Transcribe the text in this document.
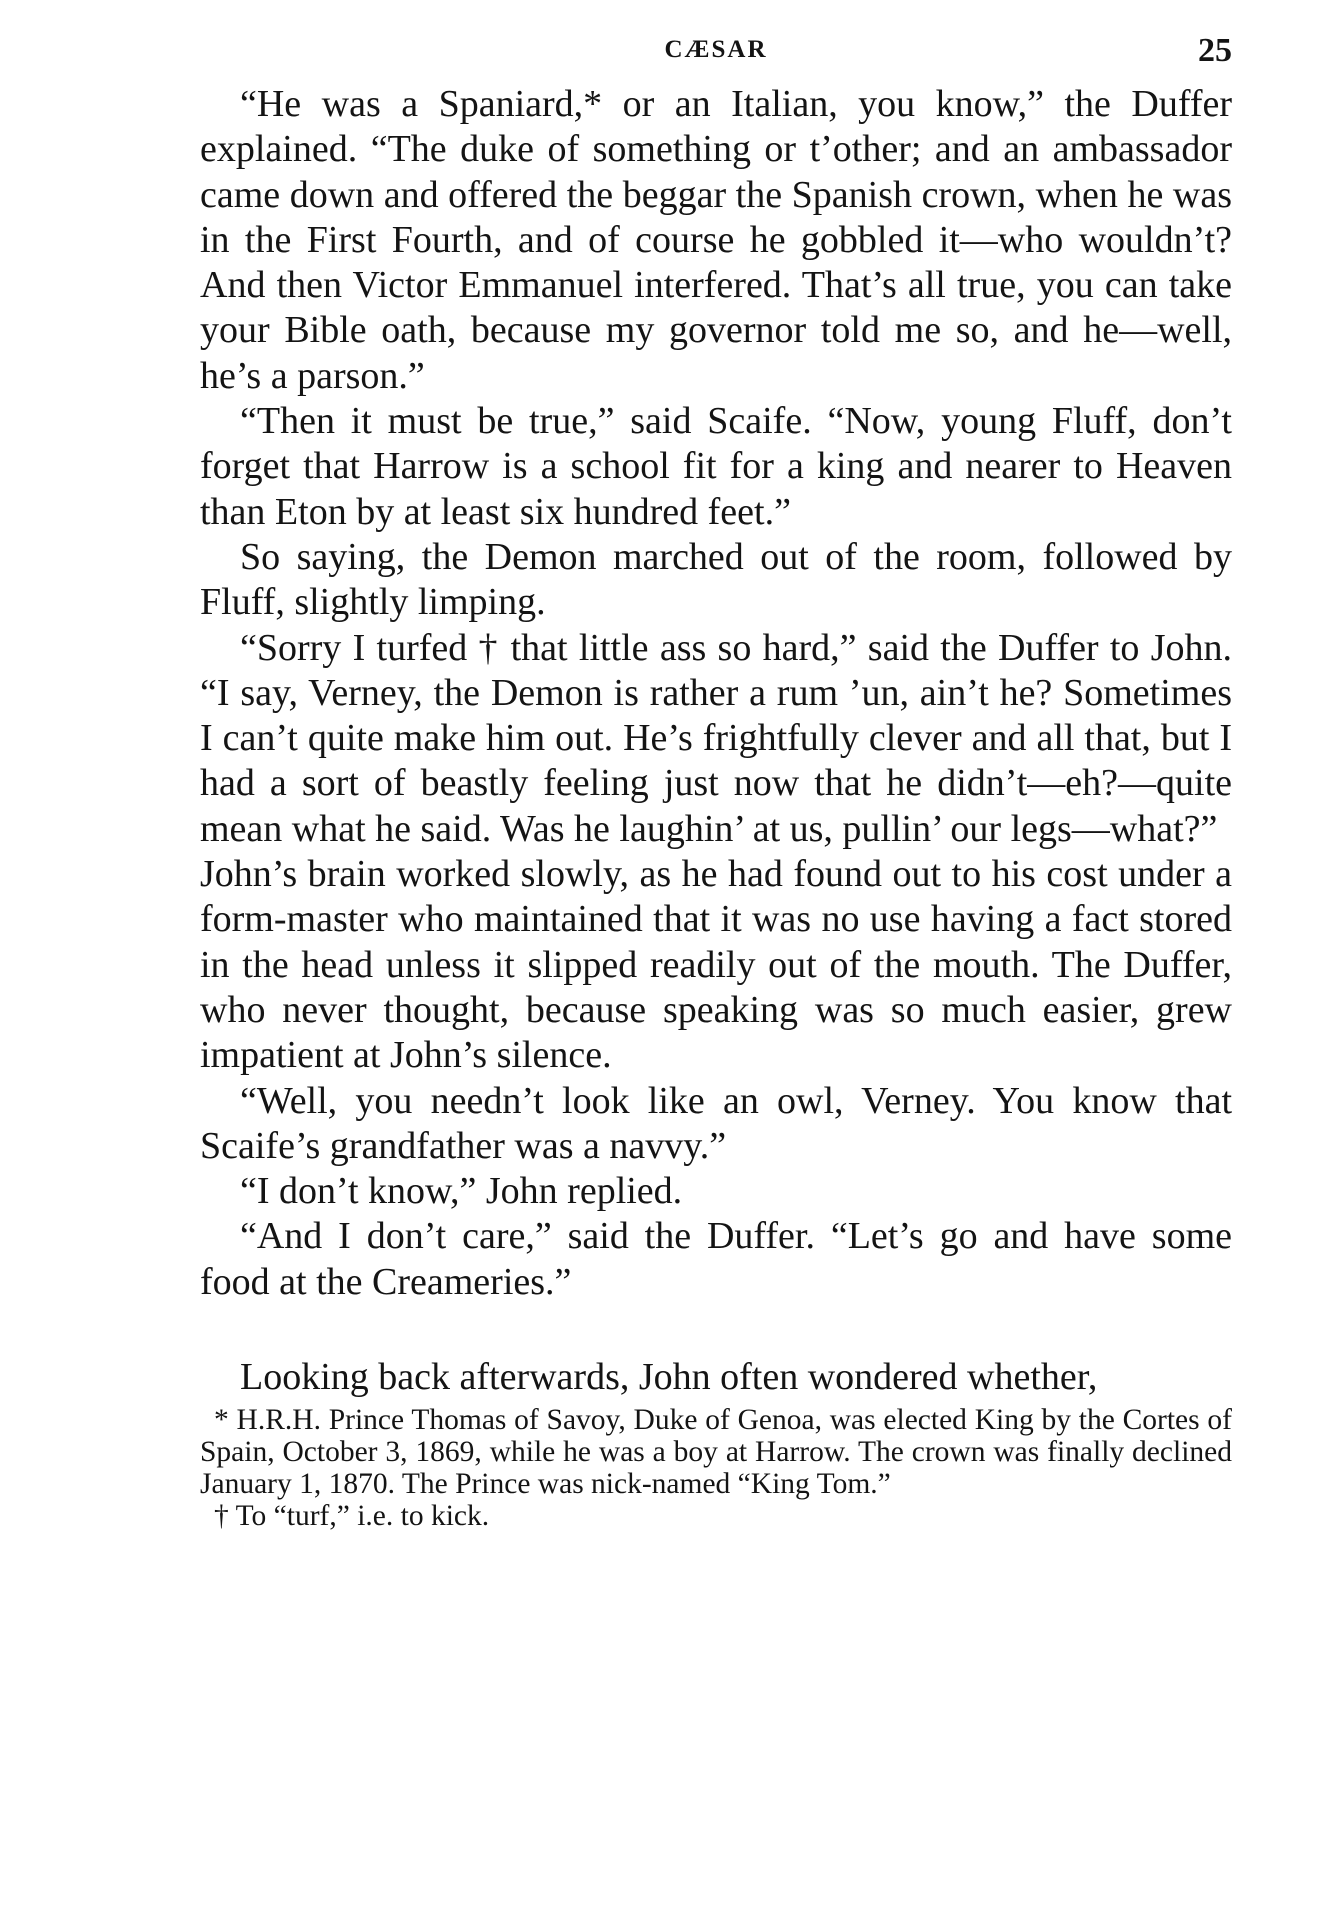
CÆSAR	25

“He was a Spaniard,* or an Italian, you know,” the Duffer explained. “The duke of something or t’other; and an ambassador came down and offered the beggar the Spanish crown, when he was in the First Fourth, and of course he gobbled it—who wouldn’t? And then Victor Emmanuel interfered. That’s all true, you can take your Bible oath, because my governor told me so, and he—well, he’s a parson.”

“Then it must be true,” said Scaife. “Now, young Fluff, don’t forget that Harrow is a school fit for a king and nearer to Heaven than Eton by at least six hundred feet.”

So saying, the Demon marched out of the room, followed by Fluff, slightly limping.

“Sorry I turfed † that little ass so hard,” said the Duffer to John. “I say, Verney, the Demon is rather a rum ’un, ain’t he? Sometimes I can’t quite make him out. He’s frightfully clever and all that, but I had a sort of beastly feeling just now that he didn’t—eh?—quite mean what he said. Was he laughin’ at us, pullin’ our legs—what?”

John’s brain worked slowly, as he had found out to his cost under a form-master who maintained that it was no use having a fact stored in the head unless it slipped readily out of the mouth. The Duffer, who never thought, because speaking was so much easier, grew impatient at John’s silence.

“Well, you needn’t look like an owl, Verney. You know that Scaife’s grandfather was a navvy.”

“I don’t know,” John replied.

“And I don’t care,” said the Duffer. “Let’s go and have some food at the Creameries.”

Looking back afterwards, John often wondered whether,

* H.R.H. Prince Thomas of Savoy, Duke of Genoa, was elected King by the Cortes of Spain, October 3, 1869, while he was a boy at Harrow. The crown was finally declined January 1, 1870. The Prince was nick-named “King Tom.”

† To “turf,” i.e. to kick.
